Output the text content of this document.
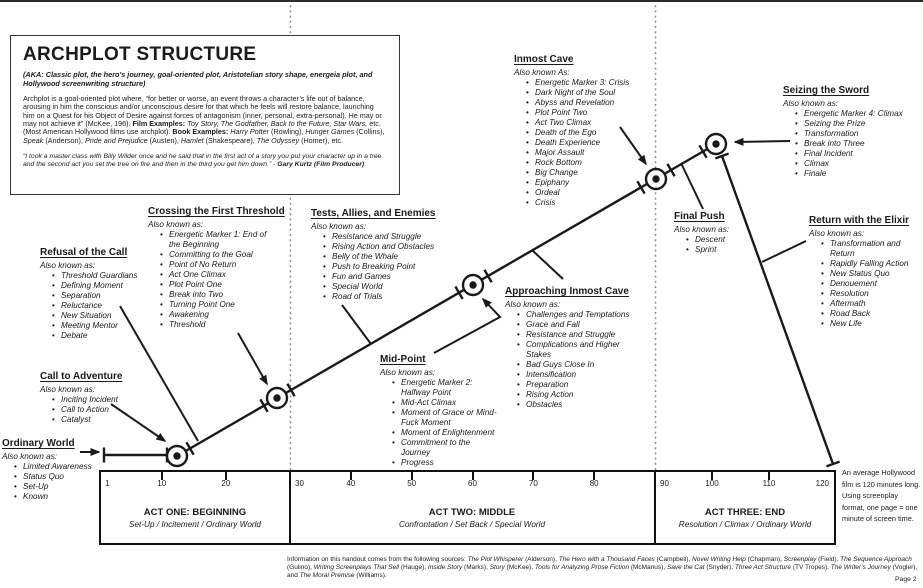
ARCHPLOT STRUCTURE
(AKA: Classic plot, the hero's journey, goal-oriented plot, Aristotelian story shape, energeia plot, and Hollywood screenwriting structure)
Archplot is a goal-oriented plot where, “for better or worse, an event throws a character’s life out of balance, arousing in him the conscious and/or unconscious desire for that which he feels will restore balance, launching him on a Quest for his Object of Desire against forces of antagonism (inner, personal, extra-personal). He may or may not achieve it” (McKee, 196). Film Examples: Toy Story, The Godfather, Back to the Future, Star Wars, etc. (Most American Hollywood films use archplot). Book Examples: Harry Potter (Rowling), Hunger Games (Collins), Speak (Anderson), Pride and Prejudice (Austen), Hamlet (Shakespeare), The Odyssey (Homer), etc.
“I took a master class with Billy Wilder once and he said that in the first act of a story you put your character up in a tree and the second act you set the tree on fire and then in the third you get him down.” - Gary Kurtz (Film Producer)
Ordinary World
Also known as:
• Limited Awareness
• Status Quo
• Set-Up
• Known
Call to Adventure
Also known as:
• Inciting Incident
• Call to Action
• Catalyst
Refusal of the Call
Also known as:
• Threshold Guardians
• Defining Moment
• Separation
• Reluctance
• New Situation
• Meeting Mentor
• Debate
Crossing the First Threshold
Also known as:
• Energetic Marker 1: End of the Beginning
• Committing to the Goal
• Point of No Return
• Act One Climax
• Plot Point One
• Break into Two
• Turning Point One
• Awakening
• Threshold
Tests, Allies, and Enemies
Also known as:
• Resistance and Struggle
• Rising Action and Obstacles
• Belly of the Whale
• Push to Breaking Point
• Fun and Games
• Special World
• Road of Trials
Mid-Point
Also known as:
• Energetic Marker 2: Halfway Point
• Mid-Act Climax
• Moment of Grace or Mind-Fuck Moment
• Moment of Enlightenment
• Commitment to the Journey
• Progress
Approaching Inmost Cave
Also known as:
• Challenges and Temptations
• Grace and Fall
• Resistance and Struggle
• Complications and Higher Stakes
• Bad Guys Close In
• Intensification
• Preparation
• Rising Action
• Obstacles
Inmost Cave
Also known As:
• Energetic Marker 3: Crisis
• Dark Night of the Soul
• Abyss and Revelation
• Plot Point Two
• Act Two Climax
• Death of the Ego
• Death Experience
• Major Assault
• Rock Bottom
• Big Change
• Epiphany
• Ordeal
• Crisis
Seizing the Sword
Also known as:
• Energetic Marker 4: Climax
• Seizing the Prize
• Transformation
• Break into Three
• Final Incident
• Climax
• Finale
Final Push
Also known as:
• Descent
• Sprint
Return with the Elixir
Also known as:
• Transformation and Return
• Rapidly Falling Action
• New Status Quo
• Denouement
• Resolution
• Aftermath
• Road Back
• New Life
1	10	20	30	40	50	60	70	80	90	100	110	120
ACT ONE: BEGINNING
Set-Up / Incitement / Ordinary World
ACT TWO: MIDDLE
Confrontation / Set Back / Special World
ACT THREE: END
Resolution / Climax / Ordinary World
An average Hollywood film is 120 minutes long. Using screenplay format, one page = one minute of screen time.
Information on this handout comes from the following sources: The Plot Whisperer (Alderson), The Hero with a Thousand Faces (Campbell), Novel Writing Help (Chapman), Screenplay (Field), The Sequence Approach (Gulino), Writing Screenplays That Sell (Hauge), Inside Story (Marks), Story (McKee), Tools for Analyzing Prose Fiction (McManus), Save the Cat (Snyder), Three Act Structure (TV Tropes), The Writer’s Journey (Vogler), and The Moral Premise (Williams).
Page 2
